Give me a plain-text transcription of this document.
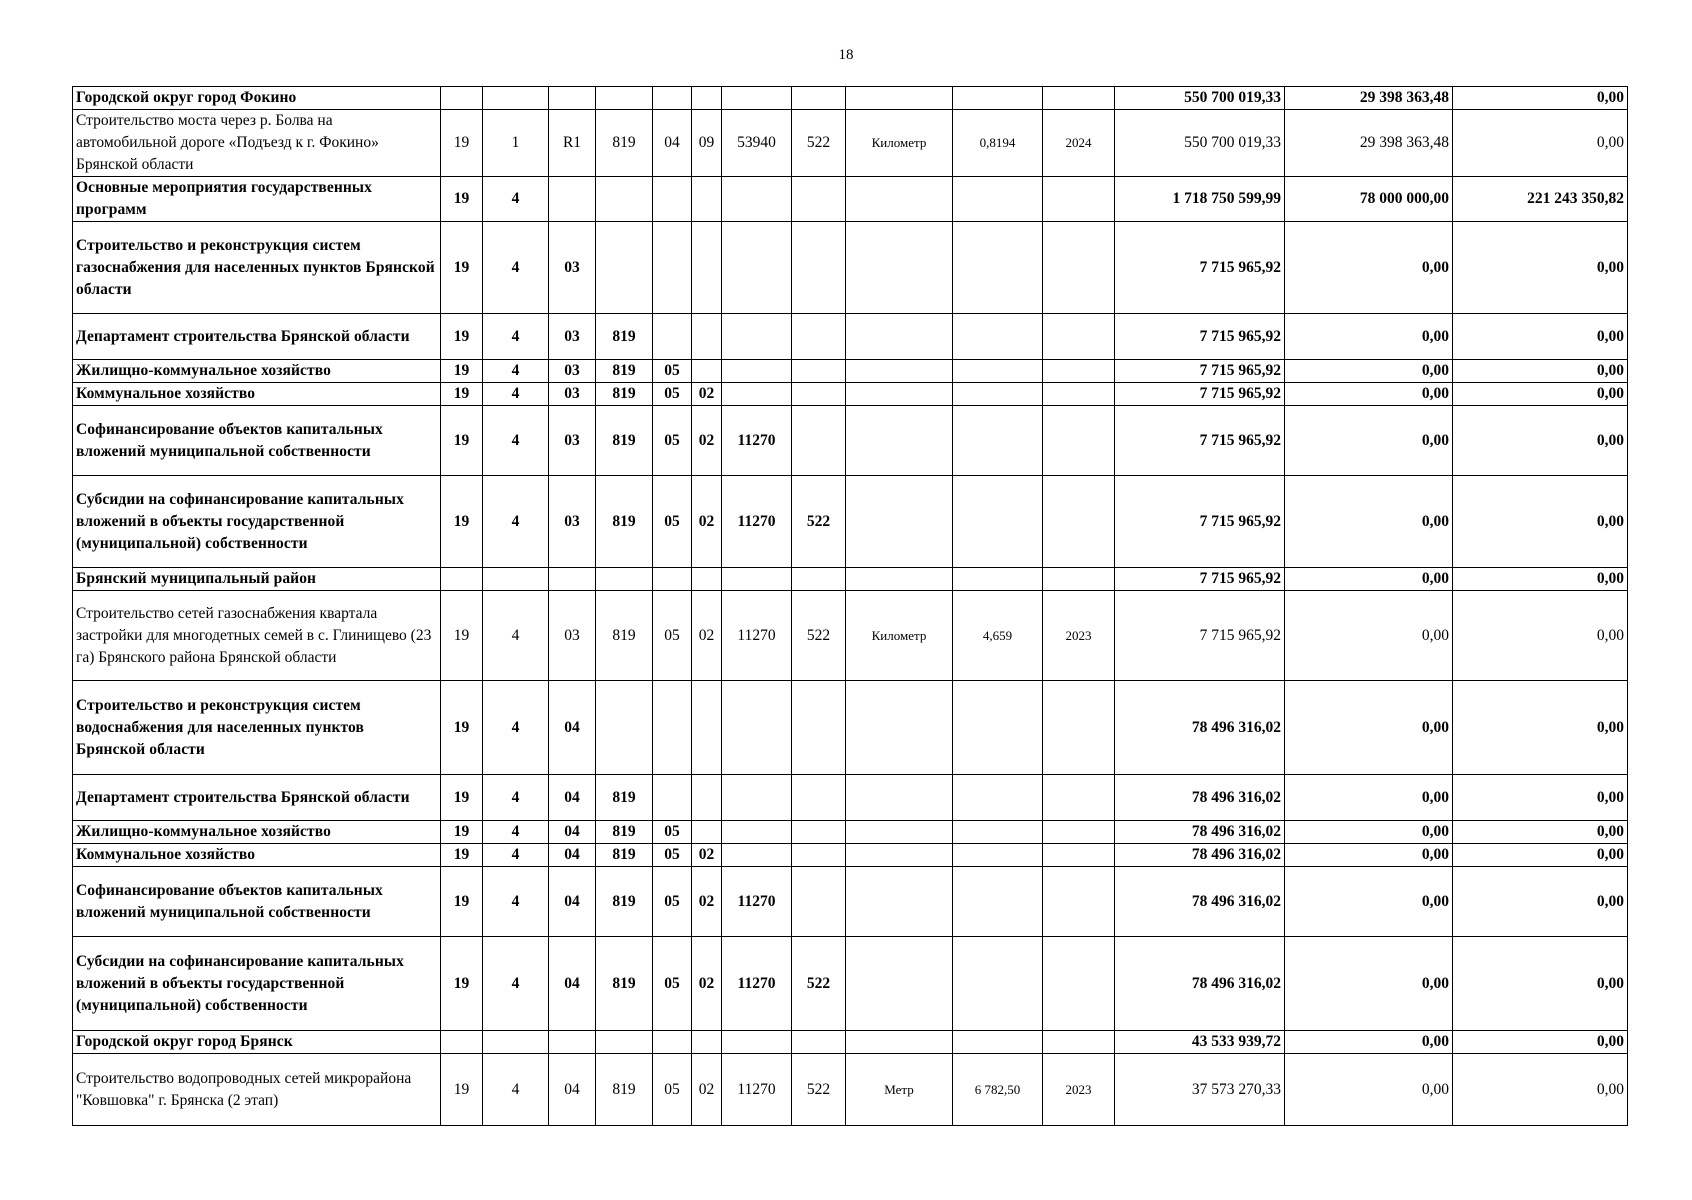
18
Городской округ город Фокино												550 700 019,33	29 398 363,48	0,00
Строительство моста через р. Болва на автомобильной дороге «Подъезд к г. Фокино» Брянской области	19	1	R1	819	04	09	53940	522	Километр	0,8194	2024	550 700 019,33	29 398 363,48	0,00
Основные мероприятия государственных программ	19	4										1 718 750 599,99	78 000 000,00	221 243 350,82
Строительство и реконструкция систем газоснабжения для населенных пунктов Брянской области	19	4	03									7 715 965,92	0,00	0,00
Департамент строительства Брянской области	19	4	03	819								7 715 965,92	0,00	0,00
Жилищно-коммунальное хозяйство	19	4	03	819	05							7 715 965,92	0,00	0,00
Коммунальное хозяйство	19	4	03	819	05	02						7 715 965,92	0,00	0,00
Софинансирование объектов капитальных вложений муниципальной собственности	19	4	03	819	05	02	11270					7 715 965,92	0,00	0,00
Субсидии на софинансирование капитальных вложений в объекты государственной (муниципальной) собственности	19	4	03	819	05	02	11270	522				7 715 965,92	0,00	0,00
Брянский муниципальный район												7 715 965,92	0,00	0,00
Строительство сетей газоснабжения квартала застройки для многодетных семей в с. Глинищево (23 га) Брянского района Брянской области	19	4	03	819	05	02	11270	522	Километр	4,659	2023	7 715 965,92	0,00	0,00
Строительство и реконструкция систем водоснабжения для населенных пунктов Брянской области	19	4	04									78 496 316,02	0,00	0,00
Департамент строительства Брянской области	19	4	04	819								78 496 316,02	0,00	0,00
Жилищно-коммунальное хозяйство	19	4	04	819	05							78 496 316,02	0,00	0,00
Коммунальное хозяйство	19	4	04	819	05	02						78 496 316,02	0,00	0,00
Софинансирование объектов капитальных вложений муниципальной собственности	19	4	04	819	05	02	11270					78 496 316,02	0,00	0,00
Субсидии на софинансирование капитальных вложений в объекты государственной (муниципальной) собственности	19	4	04	819	05	02	11270	522				78 496 316,02	0,00	0,00
Городской округ город Брянск												43 533 939,72	0,00	0,00
Строительство водопроводных сетей микрорайона "Ковшовка" г. Брянска (2 этап)	19	4	04	819	05	02	11270	522	Метр	6 782,50	2023	37 573 270,33	0,00	0,00
